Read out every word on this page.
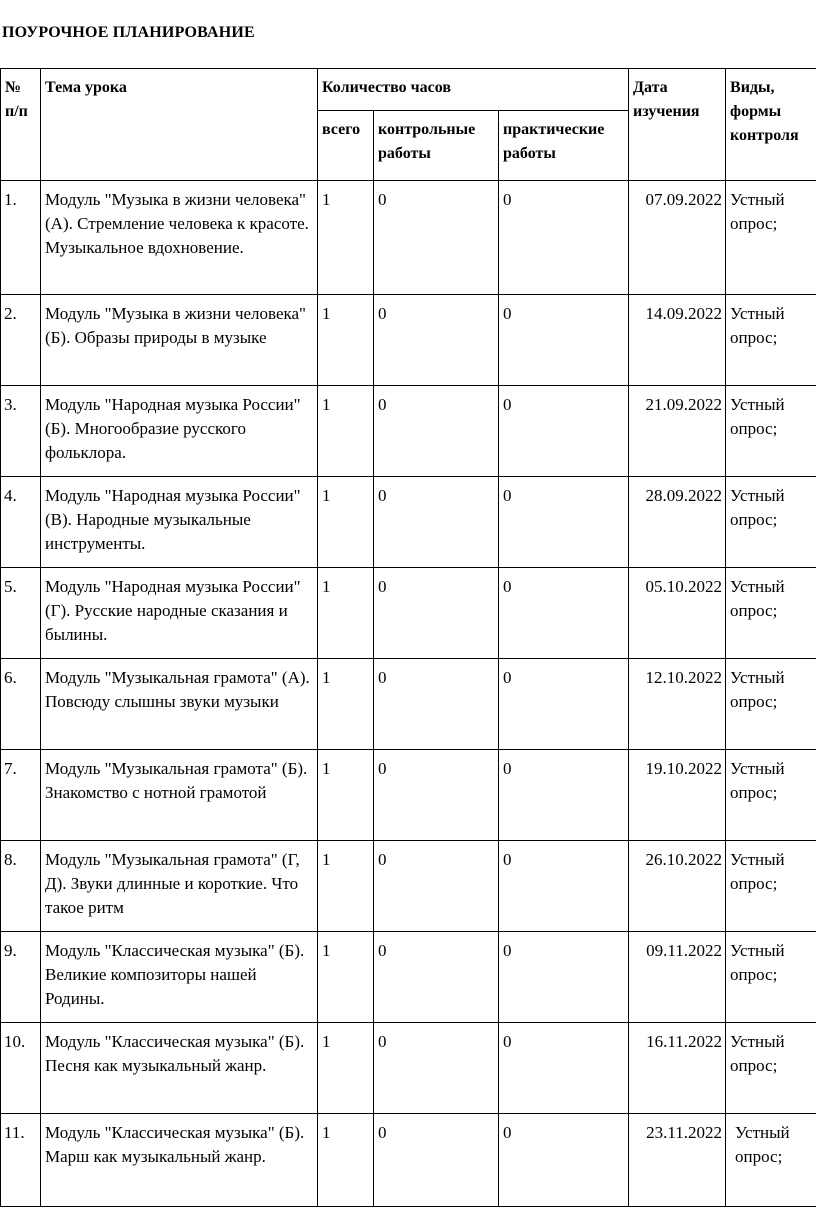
ПОУРОЧНОЕ ПЛАНИРОВАНИЕ
№ п/п	Тема урока	Количество часов			Дата изучения	Виды, формы контроля
		всего	контрольные работы	практические работы		
1.	Модуль "Музыка в жизни человека" (А). Стремление человека к красоте. Музыкальное вдохновение.	1	0	0	07.09.2022	Устный опрос;
2.	Модуль "Музыка в жизни человека" (Б). Образы природы в музыке	1	0	0	14.09.2022	Устный опрос;
3.	Модуль "Народная музыка России" (Б). Многообразие русского фольклора.	1	0	0	21.09.2022	Устный опрос;
4.	Модуль "Народная музыка России" (В). Народные музыкальные инструменты.	1	0	0	28.09.2022	Устный опрос;
5.	Модуль "Народная музыка России" (Г). Русские народные сказания и былины.	1	0	0	05.10.2022	Устный опрос;
6.	Модуль "Музыкальная грамота" (А). Повсюду слышны звуки музыки	1	0	0	12.10.2022	Устный опрос;
7.	Модуль "Музыкальная грамота" (Б). Знакомство с нотной грамотой	1	0	0	19.10.2022	Устный опрос;
8.	Модуль "Музыкальная грамота" (Г, Д). Звуки длинные и короткие. Что такое ритм	1	0	0	26.10.2022	Устный опрос;
9.	Модуль "Классическая музыка" (Б). Великие композиторы нашей Родины.	1	0	0	09.11.2022	Устный опрос;
10.	Модуль "Классическая музыка" (Б). Песня как музыкальный жанр.	1	0	0	16.11.2022	Устный опрос;
11.	Модуль "Классическая музыка" (Б). Марш как музыкальный жанр.	1	0	0	23.11.2022	Устный опрос;
